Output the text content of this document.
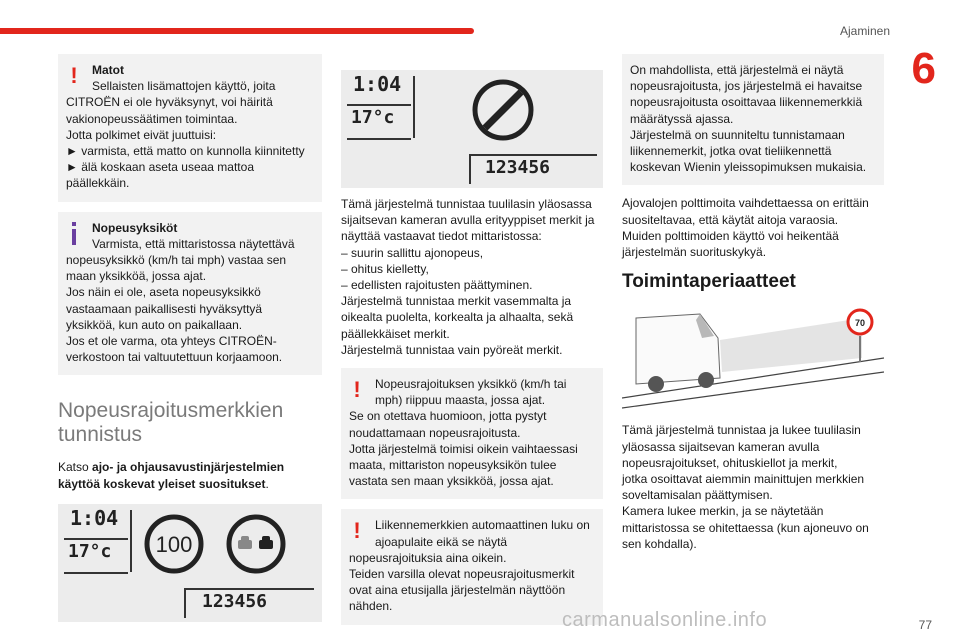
Ajaminen
6
!	Matot
Sellaisten lisämattojen käyttö, joita
CITROËN ei ole hyväksynyt, voi häiritä
vakionopeussäätimen toimintaa.
Jotta polkimet eivät juuttuisi:
► varmista, että matto on kunnolla kiinnitetty
► älä koskaan aseta useaa mattoa
päällekkäin.
Nopeusyksiköt
Varmista, että mittaristossa näytettävä
nopeusyksikkö (km/h tai mph) vastaa sen
maan yksikköä, jossa ajat.
Jos näin ei ole, aseta nopeusyksikkö
vastaamaan paikallisesti hyväksyttyä
yksikköä, kun auto on paikallaan.
Jos et ole varma, ota yhteys CITROËN-
verkostoon tai valtuutettuun korjaamoon.
Nopeusrajoitusmerkkien
tunnistus

Katso ajo- ja ohjausavustinjärjestelmien
käyttöä koskevat yleiset suositukset.

1:04
17°c 100
123456
1:04
17°c
123456

Tämä järjestelmä tunnistaa tuulilasin yläosassa
sijaitsevan kameran avulla erityyppiset merkit ja
näyttää vastaavat tiedot mittaristossa:
– suurin sallittu ajonopeus,
– ohitus kielletty,
– edellisten rajoitusten päättyminen.
Järjestelmä tunnistaa merkit vasemmalta ja
oikealta puolelta, korkealta ja alhaalta, sekä
päällekkäiset merkit.
Järjestelmä tunnistaa vain pyöreät merkit.

!	Nopeusrajoituksen yksikkö (km/h tai
mph) riippuu maasta, jossa ajat.
Se on otettava huomioon, jotta pystyt
noudattamaan nopeusrajoitusta.
Jotta järjestelmä toimisi oikein vaihtaessasi
maata, mittariston nopeusyksikön tulee
vastata sen maan yksikköä, jossa ajat.
!	Liikennemerkkien automaattinen luku on
ajoapulaite eikä se näytä
nopeusrajoituksia aina oikein.
Teiden varsilla olevat nopeusrajoitusmerkit
ovat aina etusijalla järjestelmän näyttöön
nähden.
On mahdollista, että järjestelmä ei näytä
nopeusrajoitusta, jos järjestelmä ei havaitse
nopeusrajoitusta osoittavaa liikennemerkkiä
määrätyssä ajassa.
Järjestelmä on suunniteltu tunnistamaan
liikennemerkit, jotka ovat tieliikennettä
koskevan Wienin yleissopimuksen mukaisia.

Ajovalojen polttimoita vaihdettaessa on erittäin
suositeltavaa, että käytät aitoja varaosia.
Muiden polttimoiden käyttö voi heikentää
järjestelmän suorituskykyä.

Toimintaperiaatteet
70

Tämä järjestelmä tunnistaa ja lukee tuulilasin
yläosassa sijaitsevan kameran avulla
nopeusrajoitukset, ohituskiellot ja merkit,
jotka osoittavat aiemmin mainittujen merkkien
soveltamisalan päättymisen.
Kamera lukee merkin, ja se näytetään
mittaristossa se ohitettaessa (kun ajoneuvo on
sen kohdalla).

carmanualsonline.info	77
